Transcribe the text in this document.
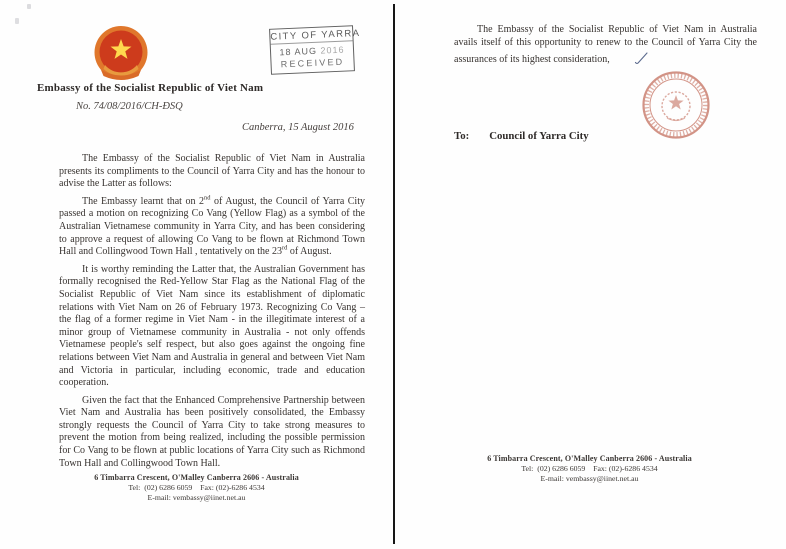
Embassy of the Socialist Republic of Viet Nam
No. 74/08/2016/CH-ĐSQ
Canberra, 15 August 2016
CITY OF YARRA
18 AUG 2016
RECEIVED

The Embassy of the Socialist Republic of Viet Nam in Australia presents its compliments to the Council of Yarra City and has the honour to advise the Latter as follows:

The Embassy learnt that on 2nd of August, the Council of Yarra City passed a motion on recognizing Co Vang (Yellow Flag) as a symbol of the Australian Vietnamese community in Yarra City, and has been considering to approve a request of allowing Co Vang to be flown at Richmond Town Hall and Collingwood Town Hall , tentatively on the 23rd of August.

It is worthy reminding the Latter that, the Australian Government has formally recognised the Red-Yellow Star Flag as the National Flag of the Socialist Republic of Viet Nam since its establishment of diplomatic relations with Viet Nam on 26 of February 1973. Recognizing Co Vang – the flag of a former regime in Viet Nam - in the illegitimate interest of a minor group of Vietnamese community in Australia - not only offends Vietnamese people's self respect, but also goes against the ongoing fine relations between Viet Nam and Australia in general and between Viet Nam and Victoria in particular, including economic, trade and education cooperation.

Given the fact that the Enhanced Comprehensive Partnership between Viet Nam and Australia has been positively consolidated, the Embassy strongly requests the Council of Yarra City to take strong measures to prevent the motion from being realized, including the possible permission for Co Vang to be flown at public locations of Yarra City such as Richmond Town Hall and Collingwood Town Hall.

6 Timbarra Crescent, O'Malley Canberra 2606 - Australia
Tel:  (02) 6286 6059    Fax: (02)-6286 4534
E-mail: vembassy@iinet.net.au

The Embassy of the Socialist Republic of Viet Nam in Australia avails itself of this opportunity to renew to the Council of Yarra City the assurances of its highest consideration,

To: Council of Yarra City
6 Timbarra Crescent, O'Malley Canberra 2606 - Australia
Tel:  (02) 6286 6059    Fax: (02)-6286 4534
E-mail: vembassy@iinet.net.au
